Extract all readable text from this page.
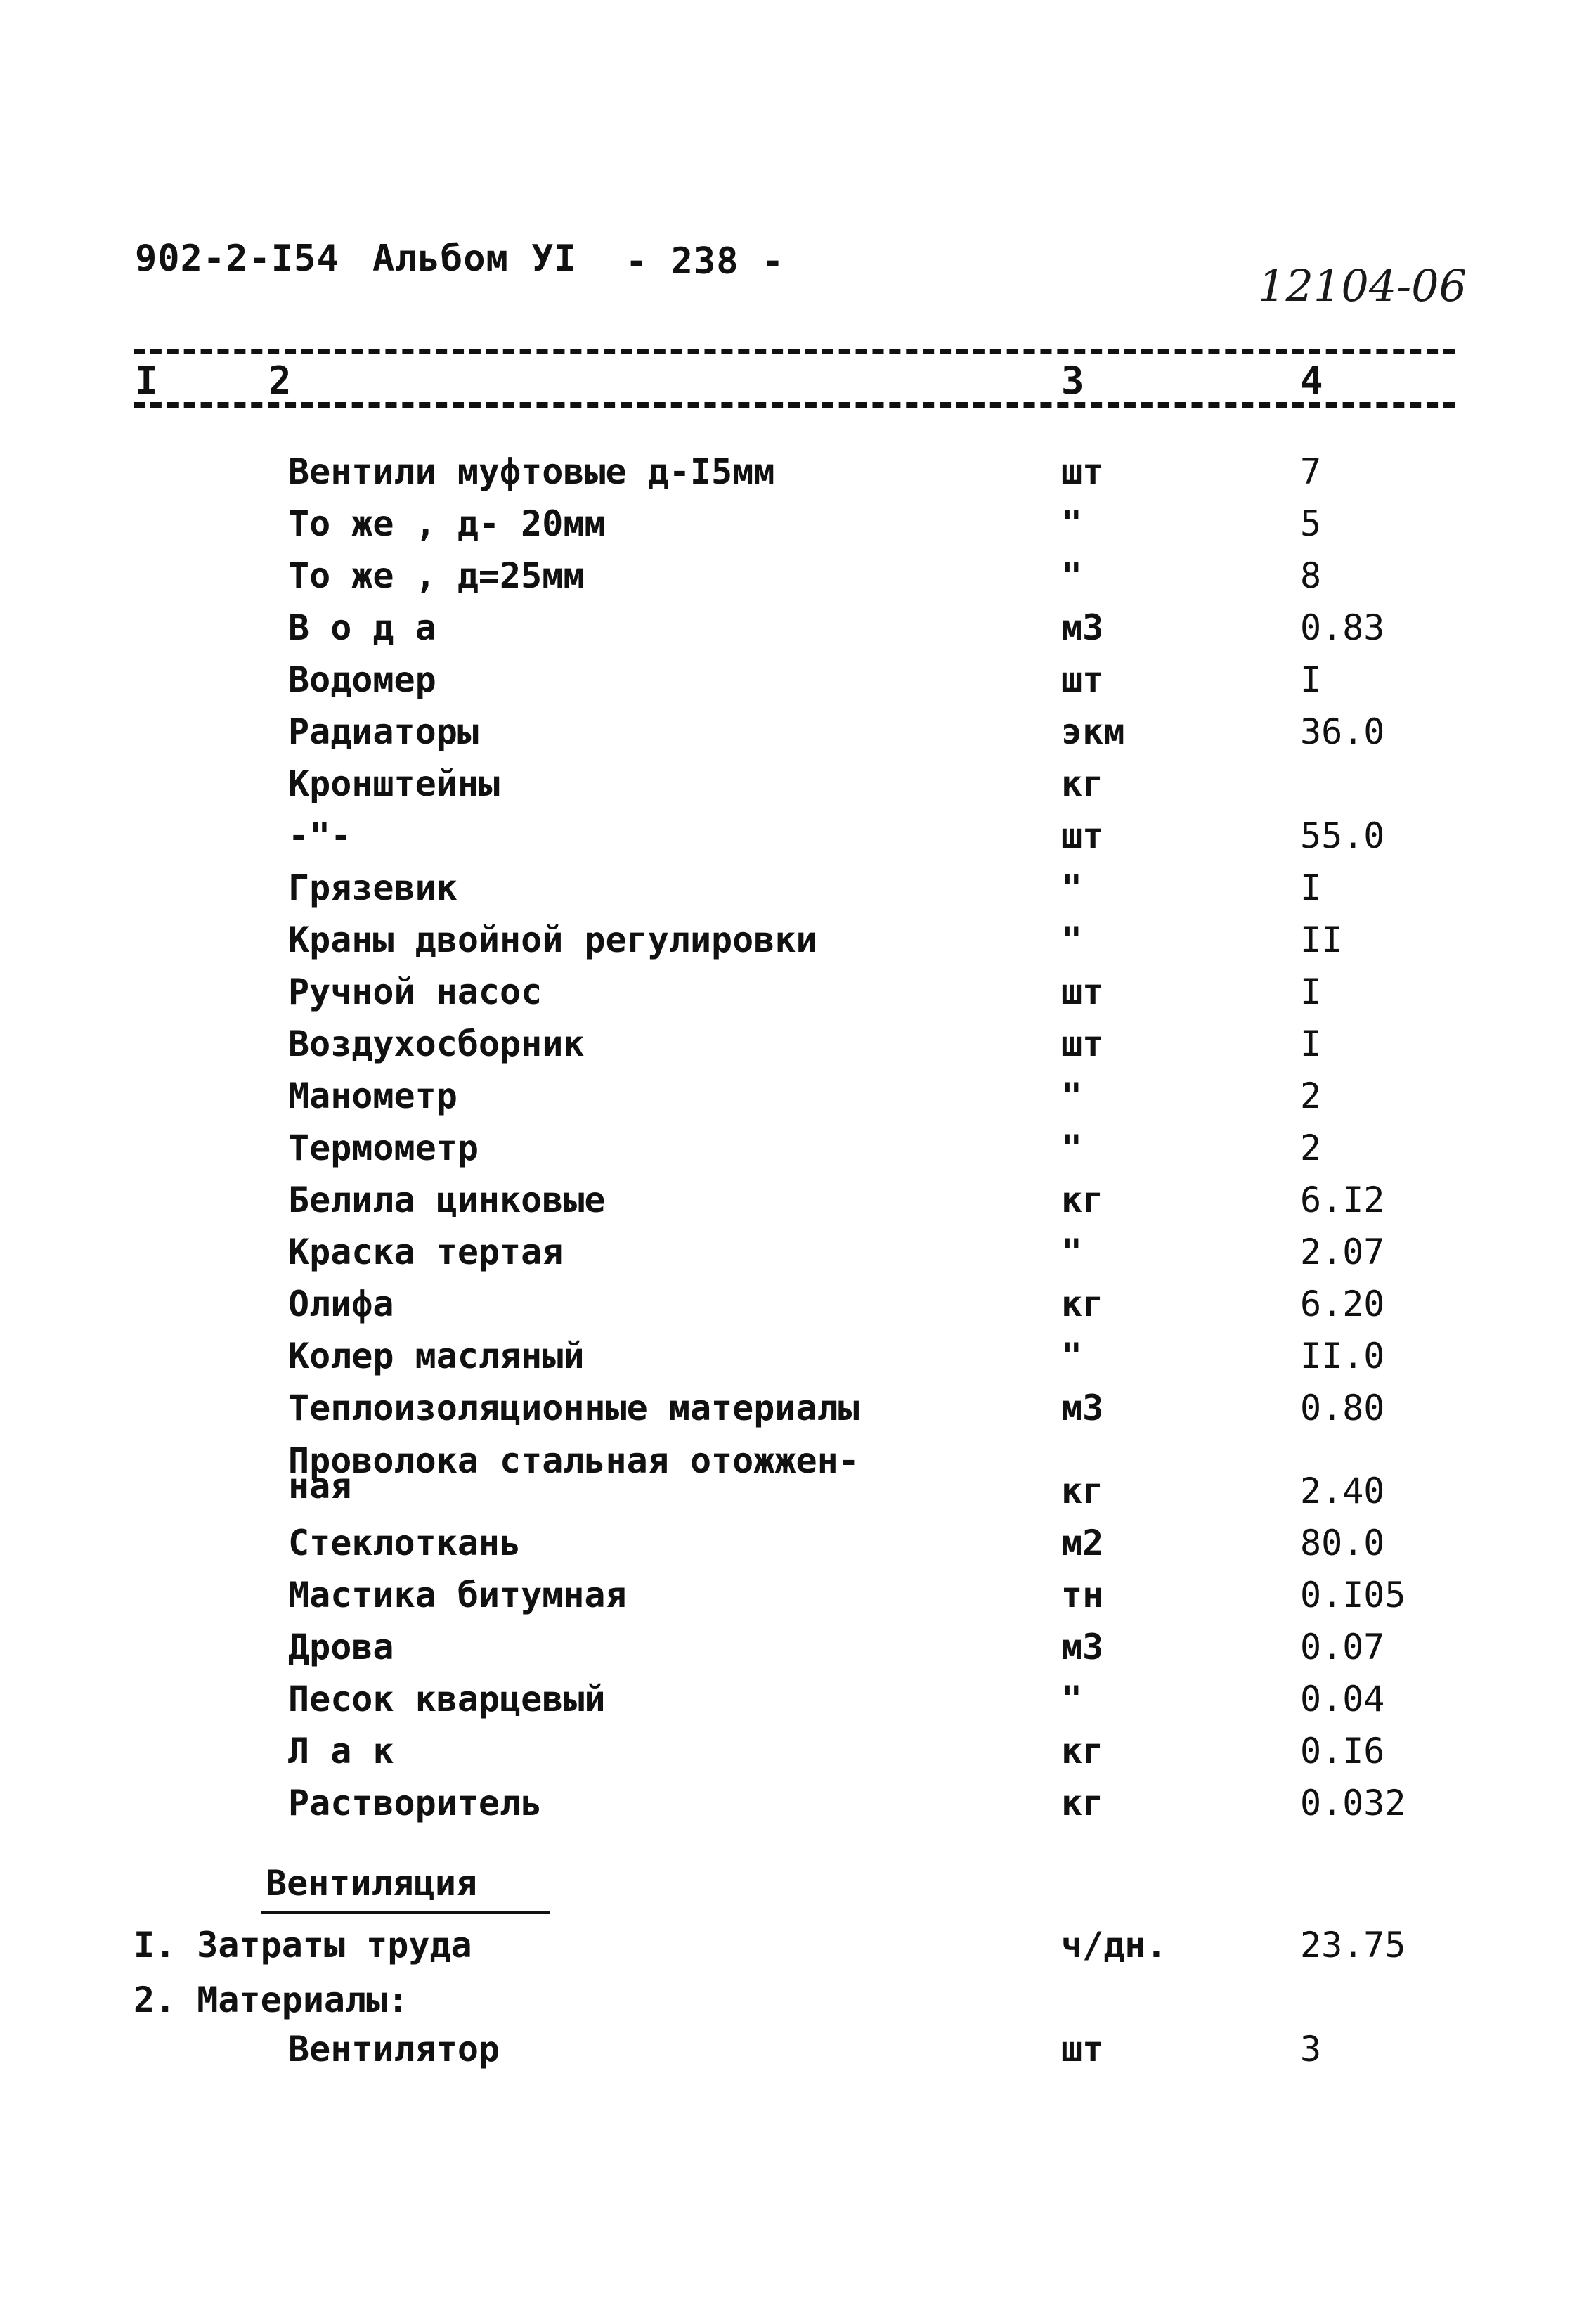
902-2-I54 Альбом УI - 238 -	12104-06
I	2	3	4
Вентили муфтовые д-I5мм	шт	7
То же , д- 20мм	"	5
То же , д=25мм	"	8
В о д а	м3	0.83
Водомер	шт	I
Радиаторы	экм	36.0
Кронштейны	кг
-"-	шт	55.0
Грязевик	"	I
Краны двойной регулировки	"	II
Ручной насос	шт	I
Воздухосборник	шт	I
Манометр	"	2
Термометр	"	2
Белила цинковые	кг	6.I2
Краска тертая	"	2.07
Олифа	кг	6.20
Колер масляный	"	II.0
Теплоизоляционные материалы	м3	0.80
Проволока стальная отожжен-
ная	кг	2.40
Стеклоткань	м2	80.0
Мастика битумная	тн	0.I05
Дрова	м3	0.07
Песок кварцевый	"	0.04
Л а к	кг	0.I6
Растворитель	кг	0.032
Вентиляция
I. Затраты труда	ч/дн.	23.75
2. Материалы:
Вентилятор	шт	3
